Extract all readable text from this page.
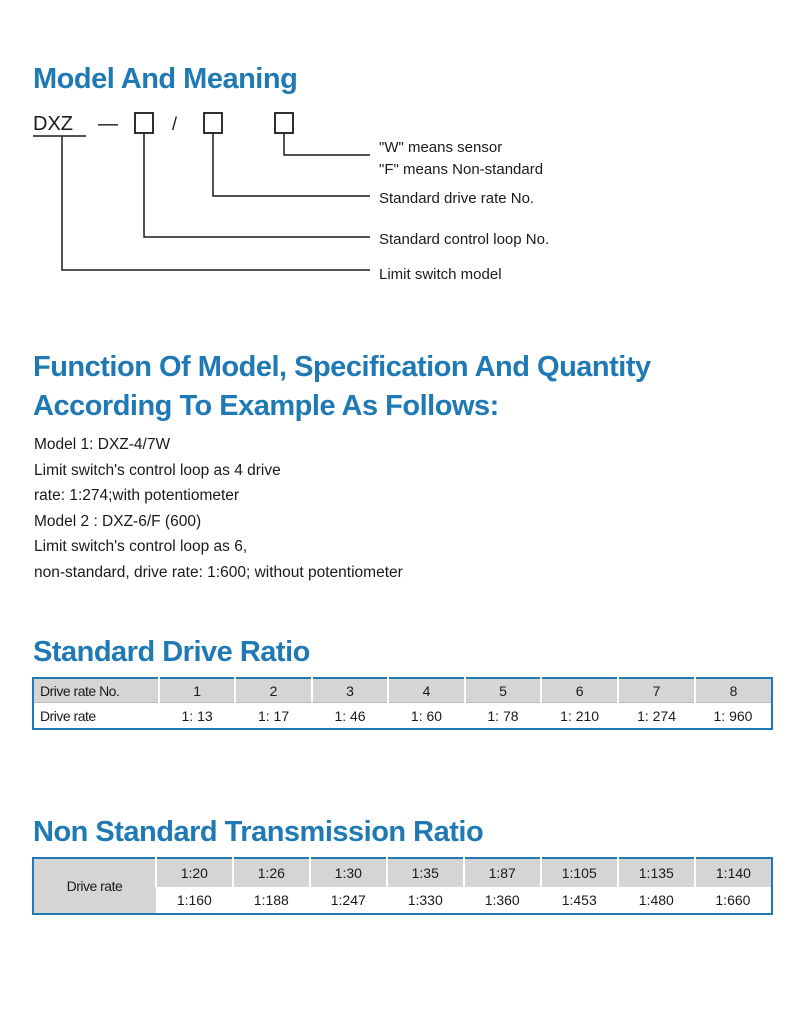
Model And Meaning
DXZ —	/
"W" means sensor
"F" means Non-standard
Standard drive rate No.
Standard control loop No.
Limit switch model
Function Of Model, Specification And Quantity
According To Example As Follows:
Model 1: DXZ-4/7W
Limit switch's control loop as 4 drive
rate: 1:274;with potentiometer
Model 2 : DXZ-6/F (600)
Limit switch's control loop as 6,
non-standard, drive rate: 1:600; without potentiometer
Standard Drive Ratio
Drive rate No.	1	2	3	4	5	6	7	8
Drive rate	1: 13	1: 17	1: 46	1: 60	1: 78	1: 210	1: 274	1: 960
Non Standard Transmission Ratio
Drive rate	1:20	1:26	1:30	1:35	1:87	1:105	1:135	1:140
	1:160	1:188	1:247	1:330	1:360	1:453	1:480	1:660
